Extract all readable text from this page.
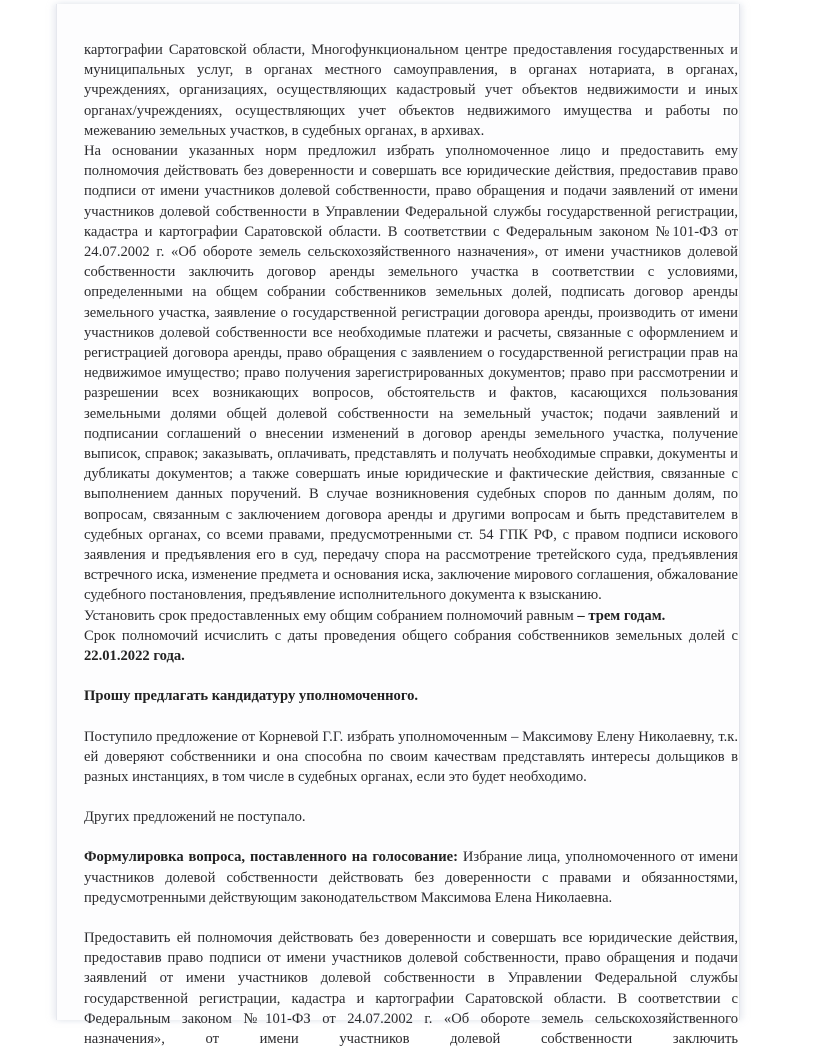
картографии Саратовской области, Многофункциональном центре предоставления государственных и муниципальных услуг, в органах местного самоуправления, в органах нотариата, в органах, учреждениях, организациях, осуществляющих кадастровый учет объектов недвижимости и иных органах/учреждениях, осуществляющих учет объектов недвижимого имущества и работы по межеванию земельных участков, в судебных органах, в архивах.

На основании указанных норм предложил избрать уполномоченное лицо и предоставить ему полномочия действовать без доверенности и совершать все юридические действия, предоставив право подписи от имени участников долевой собственности, право обращения и подачи заявлений от имени участников долевой собственности в Управлении Федеральной службы государственной регистрации, кадастра и картографии Саратовской области. В соответствии с Федеральным законом №101-ФЗ от 24.07.2002 г. «Об обороте земель сельскохозяйственного назначения», от имени участников долевой собственности заключить договор аренды земельного участка в соответствии с условиями, определенными на общем собрании собственников земельных долей, подписать договор аренды земельного участка, заявление о государственной регистрации договора аренды, производить от имени участников долевой собственности все необходимые платежи и расчеты, связанные с оформлением и регистрацией договора аренды, право обращения с заявлением о государственной регистрации прав на недвижимое имущество; право получения зарегистрированных документов; право при рассмотрении и разрешении всех возникающих вопросов, обстоятельств и фактов, касающихся пользования земельными долями общей долевой собственности на земельный участок; подачи заявлений и подписании соглашений о внесении изменений в договор аренды земельного участка, получение выписок, справок; заказывать, оплачивать, представлять и получать необходимые справки, документы и дубликаты документов; а также совершать иные юридические и фактические действия, связанные с выполнением данных поручений. В случае возникновения судебных споров по данным долям, по вопросам, связанным с заключением договора аренды и другими вопросам и быть представителем в судебных органах, со всеми правами, предусмотренными ст. 54 ГПК РФ, с правом подписи искового заявления и предъявления его в суд, передачу спора на рассмотрение третейского суда, предъявления встречного иска, изменение предмета и основания иска, заключение мирового соглашения, обжалование судебного постановления, предъявление исполнительного документа к взысканию.

Установить срок предоставленных ему общим собранием полномочий равным – трем годам.

Срок полномочий исчислить с даты проведения общего собрания собственников земельных долей с 22.01.2022 года.

Прошу предлагать кандидатуру уполномоченного.

Поступило предложение от Корневой Г.Г. избрать уполномоченным – Максимову Елену Николаевну, т.к. ей доверяют собственники и она способна по своим качествам представлять интересы дольщиков в разных инстанциях, в том числе в судебных органах, если это будет необходимо.

Других предложений не поступало.

Формулировка вопроса, поставленного на голосование: Избрание лица, уполномоченного от имени участников долевой собственности действовать без доверенности с правами и обязанностями, предусмотренными действующим законодательством Максимова Елена Николаевна.

Предоставить ей полномочия действовать без доверенности и совершать все юридические действия, предоставив право подписи от имени участников долевой собственности, право обращения и подачи заявлений от имени участников долевой собственности в Управлении Федеральной службы государственной регистрации, кадастра и картографии Саратовской области. В соответствии с Федеральным законом №101-ФЗ от 24.07.2002 г. «Об обороте земель сельскохозяйственного назначения», от имени участников долевой собственности заключить
